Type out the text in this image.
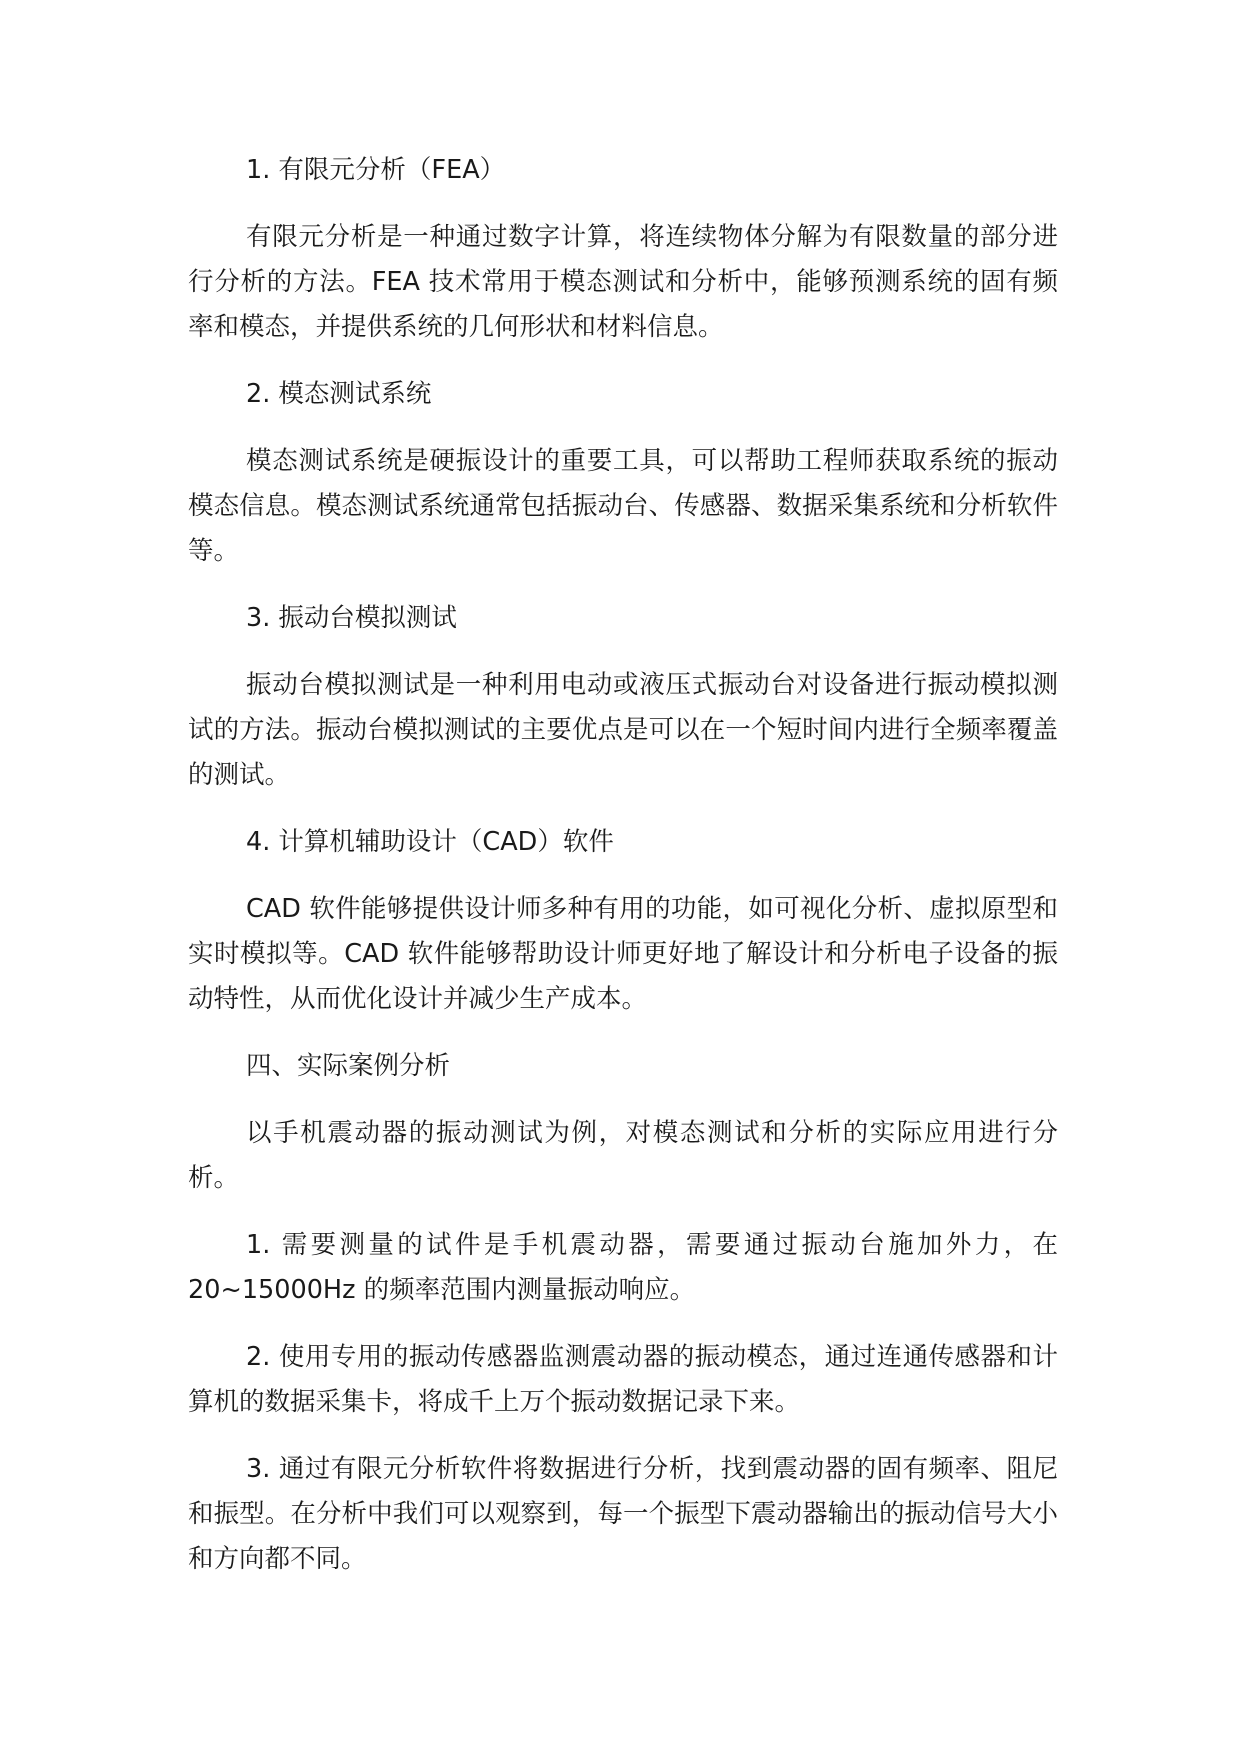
1. 有限元分析（FEA）

有限元分析是一种通过数字计算，将连续物体分解为有限数量的部分进行分析的方法。FEA 技术常用于模态测试和分析中，能够预测系统的固有频率和模态，并提供系统的几何形状和材料信息。

2. 模态测试系统

模态测试系统是硬振设计的重要工具，可以帮助工程师获取系统的振动模态信息。模态测试系统通常包括振动台、传感器、数据采集系统和分析软件等。

3. 振动台模拟测试

振动台模拟测试是一种利用电动或液压式振动台对设备进行振动模拟测试的方法。振动台模拟测试的主要优点是可以在一个短时间内进行全频率覆盖的测试。

4. 计算机辅助设计（CAD）软件

CAD 软件能够提供设计师多种有用的功能，如可视化分析、虚拟原型和实时模拟等。CAD 软件能够帮助设计师更好地了解设计和分析电子设备的振动特性，从而优化设计并减少生产成本。

四、实际案例分析

以手机震动器的振动测试为例，对模态测试和分析的实际应用进行分析。

1. 需要测量的试件是手机震动器，需要通过振动台施加外力，在 20~15000Hz 的频率范围内测量振动响应。

2. 使用专用的振动传感器监测震动器的振动模态，通过连通传感器和计算机的数据采集卡，将成千上万个振动数据记录下来。

3. 通过有限元分析软件将数据进行分析，找到震动器的固有频率、阻尼和振型。在分析中我们可以观察到，每一个振型下震动器输出的振动信号大小和方向都不同。
